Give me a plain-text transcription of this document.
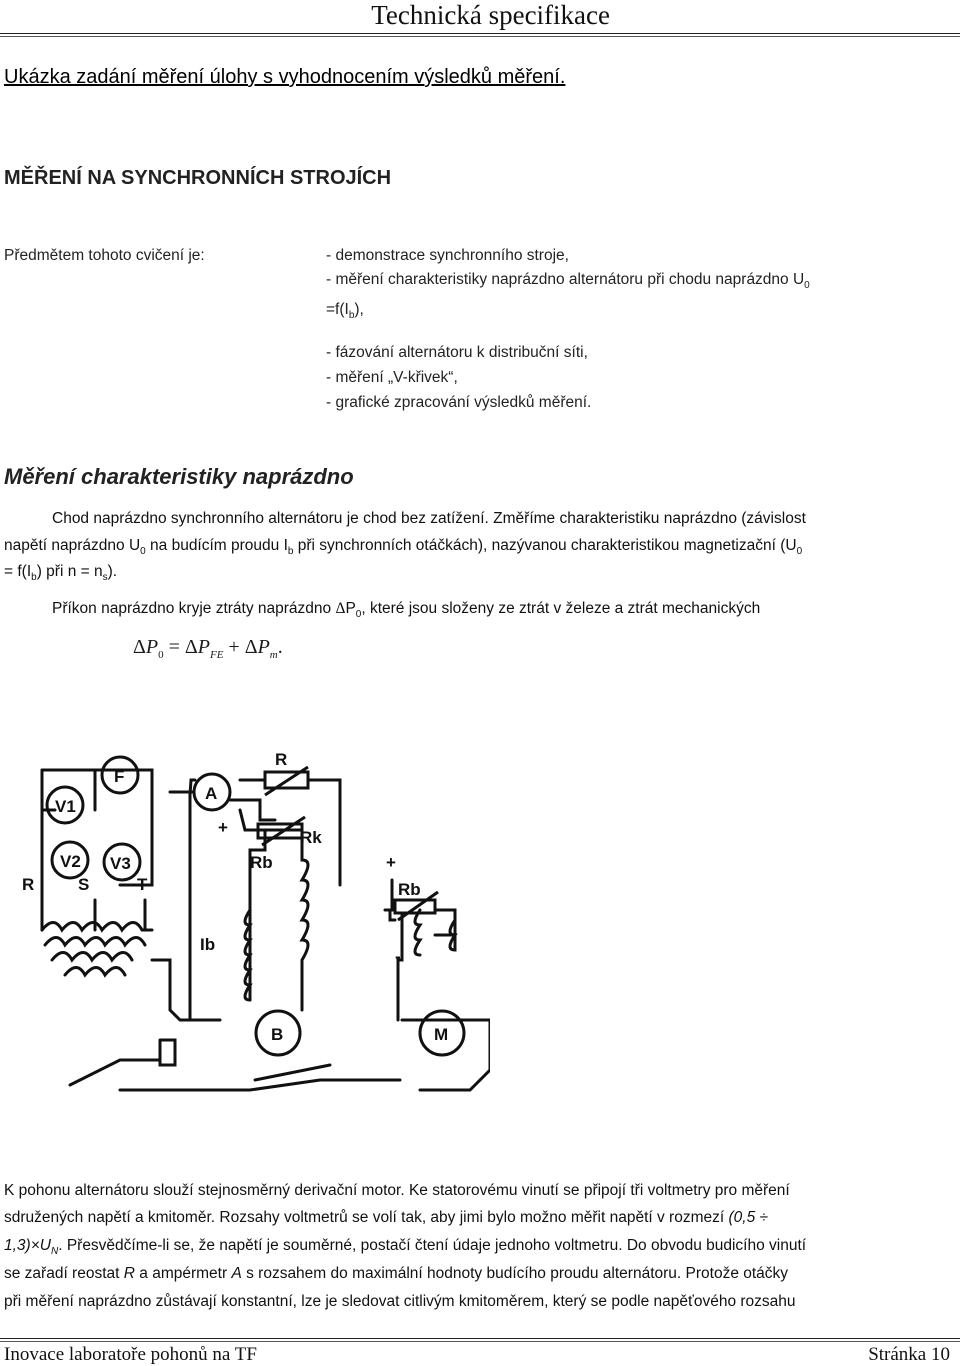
Technická specifikace
Ukázka zadání měření úlohy s vyhodnocením výsledků měření.
MĚŘENÍ NA SYNCHRONNÍCH STROJÍCH
Předmětem tohoto cvičení je:	- demonstrace synchronního stroje,
- měření charakteristiky naprázdno alternátoru při chodu naprázdno $U_0$
$=f(I_b)$,
- fázování alternátoru k distribuční síti,
- měření „V-křivek“,
- grafické zpracování výsledků měření.
Měření charakteristiky naprázdno
Chod naprázdno synchronního alternátoru je chod bez zatížení. Změříme charakteristiku naprázdno (závislost
napětí naprázdno $U_0$ na budícím proudu $I_b$ při synchronních otáčkách), nazývanou charakteristikou magnetizační ($U_0$
= $f(I_b)$ při $n = n_s$).
Příkon naprázdno kryje ztráty naprázdno $\Delta P_0$, které jsou složeny ze ztrát v železe a ztrát mechanických
$\Delta P_0 = \Delta P_{FE} + \Delta P_m$.
F
V1
V2 V3
A
R
Rk
Rb
R	S	T
Ib
B	M
+
+
Rb
-
K pohonu alternátoru slouží stejnosměrný derivační motor. Ke statorovému vinutí se připojí tři voltmetry pro měření
sdružených napětí a kmitoměr. Rozsahy voltmetrů se volí tak, aby jimi bylo možno měřit napětí v rozmezí (0,5 ÷
$1,3)\times U_N$. Přesvědčíme-li se, že napětí je souměrné, postačí čtení údaje jednoho voltmetru. Do obvodu budicího vinutí
se zařadí reostat R a ampérmetr A s rozsahem do maximální hodnoty budícího proudu alternátoru. Protože otáčky
při měření naprázdno zůstávají konstantní, lze je sledovat citlivým kmitoměrem, který se podle napěťového rozsahu
Inovace laboratoře pohonů na TF	Stránka 10
